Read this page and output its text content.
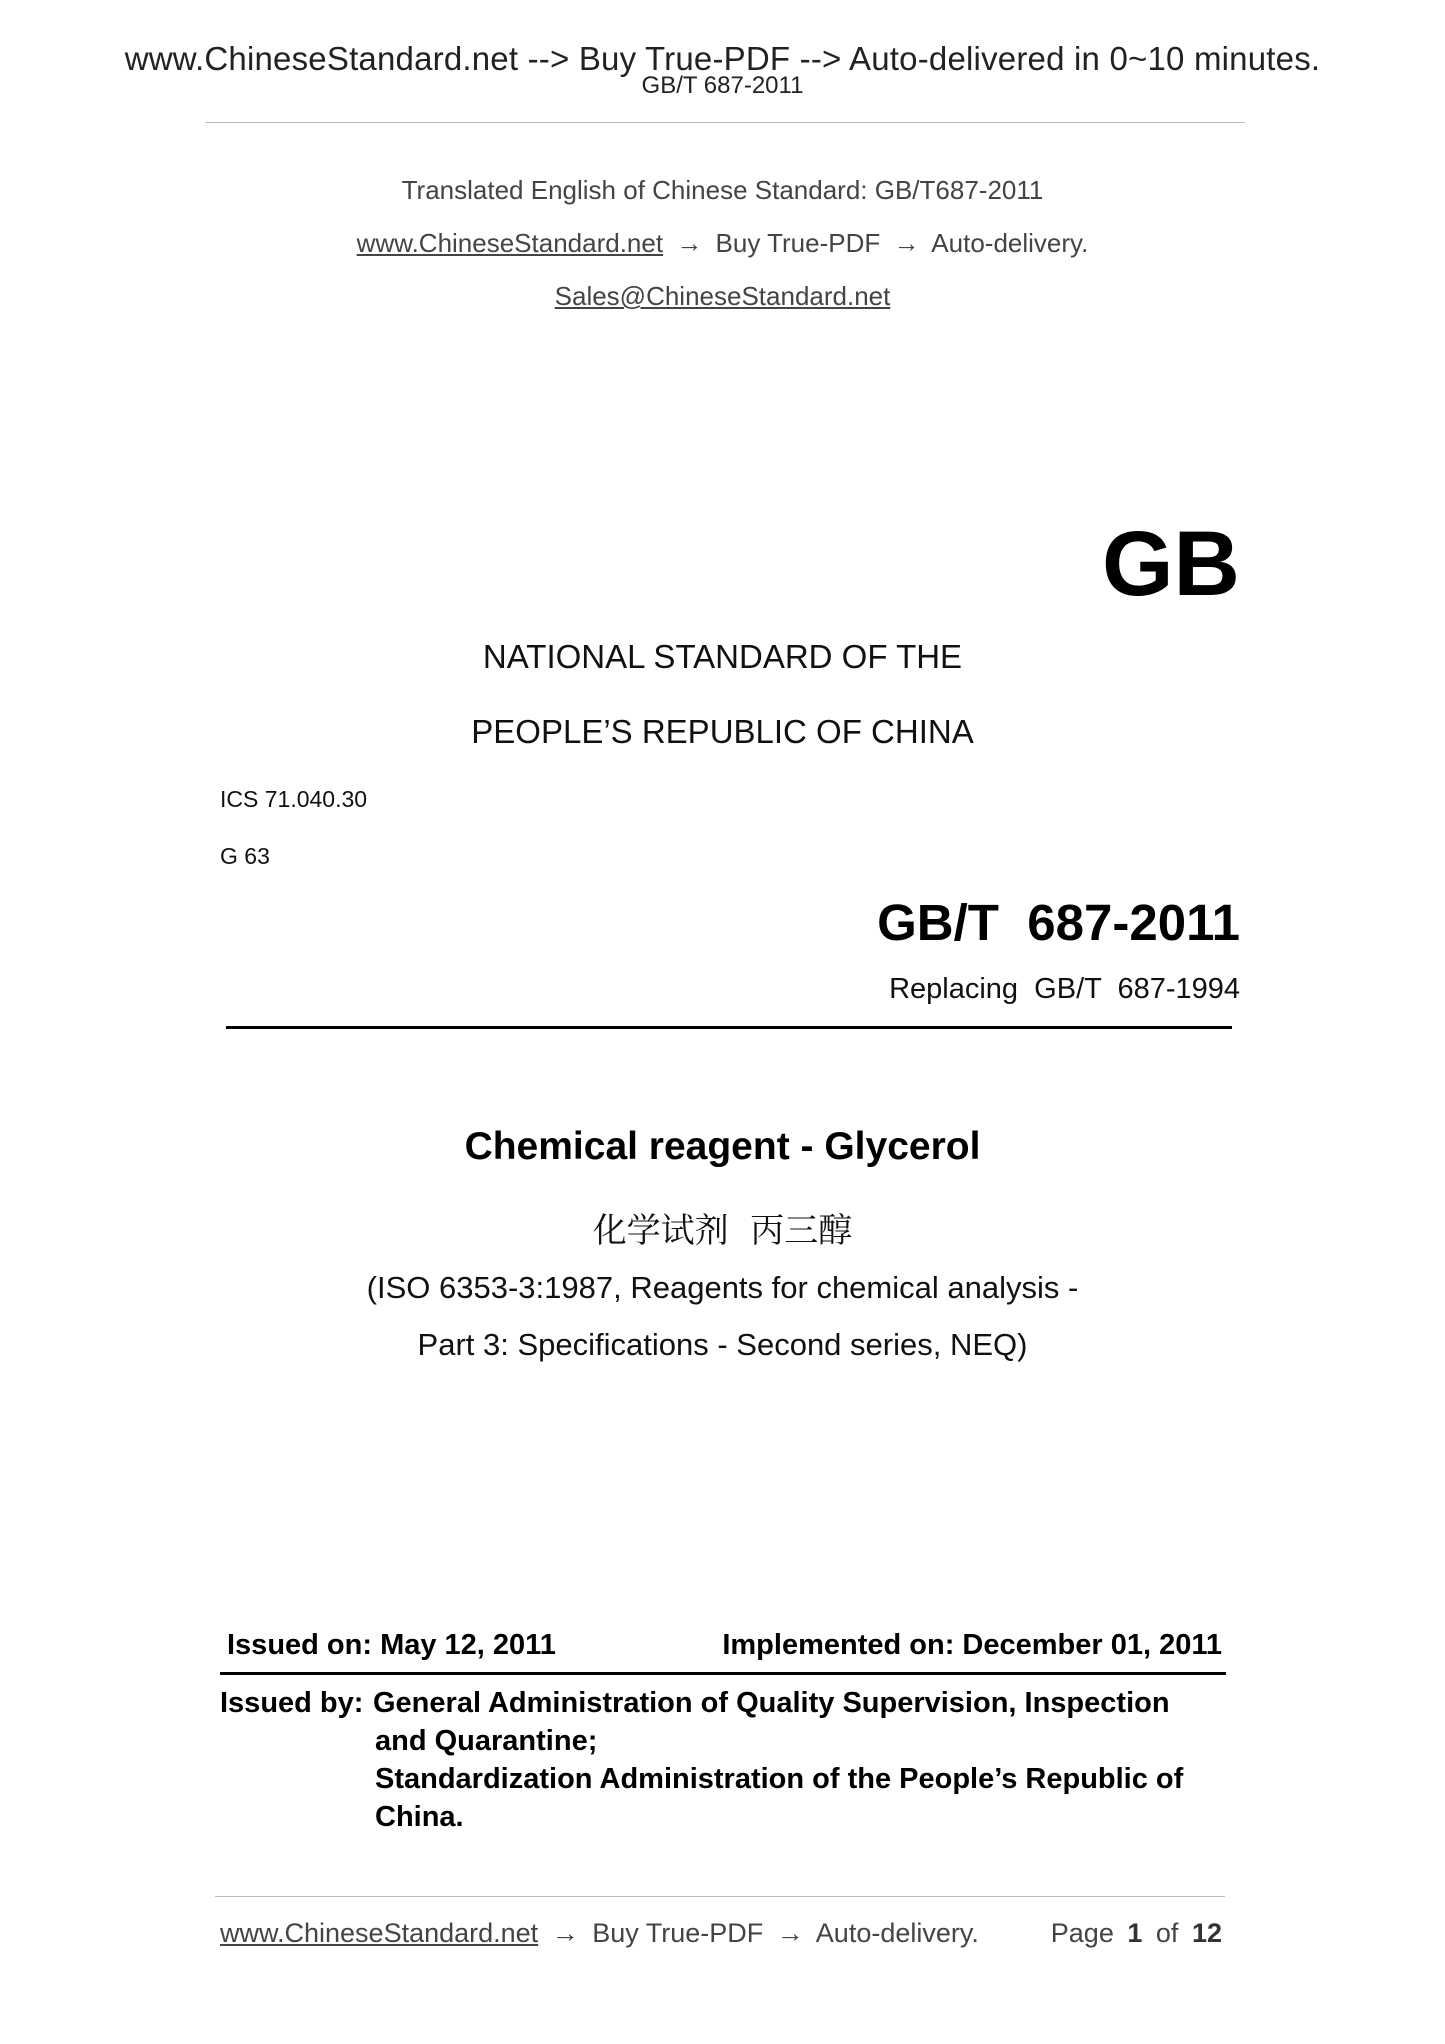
www.ChineseStandard.net --> Buy True-PDF --> Auto-delivered in 0~10 minutes.
GB/T 687-2011
Translated English of Chinese Standard: GB/T687-2011
www.ChineseStandard.net → Buy True-PDF → Auto-delivery.
Sales@ChineseStandard.net
GB
NATIONAL STANDARD OF THE
PEOPLE’S REPUBLIC OF CHINA
ICS 71.040.30
G 63
GB/T  687-2011
Replacing  GB/T  687-1994
Chemical reagent - Glycerol
化学试剂  丙三醇
(ISO 6353-3:1987, Reagents for chemical analysis -
Part 3: Specifications - Second series, NEQ)
Issued on: May 12, 2011	Implemented on: December 01, 2011
Issued by: General Administration of Quality Supervision, Inspection
and Quarantine;
Standardization Administration of the People’s Republic of
China.
www.ChineseStandard.net → Buy True-PDF → Auto-delivery.	Page 1 of 12
